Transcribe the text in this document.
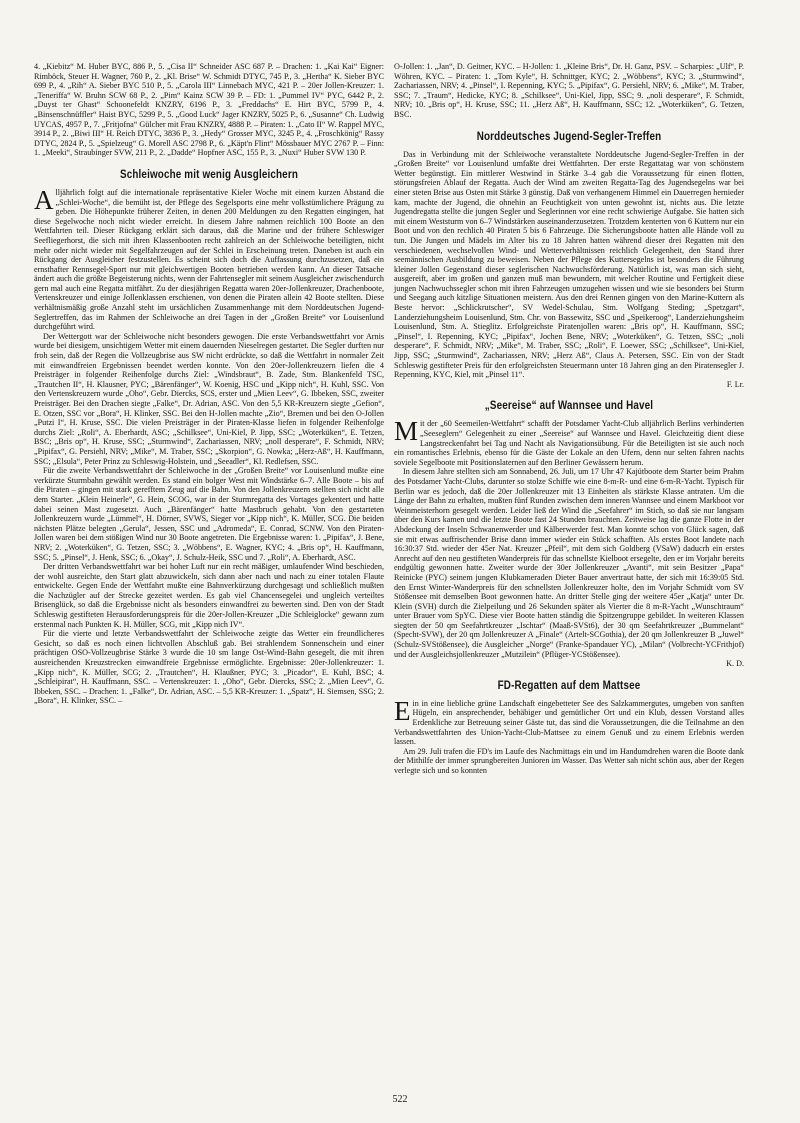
4. „Kiebitz“ M. Huber BYC, 886 P., 5. „Cisa II“ Schneider ASC 687 P. – Drachen: 1. „Kai Kai“ Eigner: Rimböck, Steuer H. Wagner, 760 P., 2. „Kl. Brise“ W. Schmidt DTYC, 745 P., 3. „Hertha“ K. Sieber BYC 699 P., 4. „Rih“ A. Sieber BYC 510 P., 5. „Carola III“ Linnebach MYC, 421 P. – 20er Jollen-Kreuzer: 1. „Teneriffa“ W. Bruhn SCW 68 P., 2. „Pim“ Kainz SCW 39 P. – FD: 1. „Pummel IV“ PYC, 6442 P., 2. „Duyst ter Ghast“ Schoonefeldt KNZRY, 6196 P., 3. „Freddachs“ E. Hirt BYC, 5799 P., 4. „Binsenschnüffler“ Haist BYC, 5299 P., 5. „Good Luck“ Jager KNZRY, 5025 P., 6. „Susanne“ Ch. Ludwig UYCAS, 4957 P., 7. „Fritjofna“ Gülcher mit Frau KNZRY, 4888 P. – Piraten: 1. „Cato II“ W. Rappel MYC, 3914 P., 2. „Biwi III“ H. Reich DTYC, 3836 P., 3. „Hedy“ Grosser MYC, 3245 P., 4. „Froschkönig“ Rassy DTYC, 2824 P., 5. „Spielzeug“ G. Morell ASC 2798 P., 6. „Käpt'n Flint“ Mössbauer MYC 2767 P. – Finn: 1. „Meeki“, Straubinger SVW, 211 P., 2. „Dadde“ Hopfner ASC, 155 P., 3. „Nuxi“ Huber SVW 130 P.

Schleiwoche mit wenig Ausgleichern

Alljährlich folgt auf die internationale repräsentative Kieler Woche mit einem kurzen Abstand die „Schlei-Woche“, die bemüht ist, der Pflege des Segelsports eine mehr volkstümlichere Prägung zu geben. Die Höhepunkte früherer Zeiten, in denen 200 Meldungen zu den Regatten eingingen, hat diese Segelwoche noch nicht wieder erreicht. In diesem Jahre nahmen reichlich 100 Boote an den Wettfahrten teil. Dieser Rückgang erklärt sich daraus, daß die Marine und der frühere Schleswiger Seefliegerhorst, die sich mit ihren Klassenbooten recht zahlreich an der Schleiwoche beteiligten, nicht mehr oder nicht wieder mit Segelfahrzeugen auf der Schlei in Erscheinung treten. Daneben ist auch ein Rückgang der Ausgleicher festzustellen. Es scheint sich doch die Auffassung durchzusetzen, daß ein ernsthafter Rennsegel-Sport nur mit gleichwertigen Booten betrieben werden kann. An dieser Tatsache ändert auch die größte Begeisterung nichts, wenn der Fahrtensegler mit seinem Ausgleicher zwischendurch gern mal auch eine Regatta mitfährt. Zu der diesjährigen Regatta waren 20er-Jollenkreuzer, Drachenboote, Vertenskreuzer und einige Jollenklassen erschienen, von denen die Piraten allein 42 Boote stellten. Diese verhältnismäßig große Anzahl steht im ursächlichen Zusammenhange mit dem Norddeutschen Jugend-Seglertreffen, das im Rahmen der Schleiwoche an drei Tagen in der „Großen Breite“ vor Louisenlund durchgeführt wird.

Der Wettergott war der Schleiwoche nicht besonders gewogen. Die erste Verbandswettfahrt vor Arnis wurde bei diesigem, unsichtigem Wetter mit einem dauernden Nieselregen gestartet. Die Segler durften nur froh sein, daß der Regen die Vollzeugbrise aus SW nicht erdrückte, so daß die Wettfahrt in normaler Zeit mit einwandfreien Ergebnissen beendet werden konnte. Von den 20er-Jollenkreuzern liefen die 4 Preisträger in folgender Reihenfolge durchs Ziel: „Windsbraut“, B. Zade, Stm. Blankenfeld TSC, „Trautchen II“, H. Klausner, PYC; „Bärenfänger“, W. Koenig, HSC und „Kipp nich“, H. Kuhl, SSC. Von den Vertenskreuzern wurde „Oho“, Gebr. Diercks, SCS, erster und „Mien Leev“, G. Ibbeken, SSC, zweiter Preisträger. Bei den Drachen siegte „Falke“, Dr. Adrian, ASC. Von den 5,5 KR-Kreuzern siegte „Gefion“, E. Otzen, SSC vor „Bora“, H. Klinker, SSC. Bei den H-Jollen machte „Zio“, Bremen und bei den O-Jollen „Putzi I“, H. Kruse, SSC. Die vielen Preisträger in der Piraten-Klasse liefen in folgender Reihenfolge durchs Ziel: „Roli“, A. Eberhardt, ASC; „Schilksee“, Uni-Kiel, P. Jipp, SSC; „Woterküken“, E. Tetzen, BSC; „Bris op“, H. Kruse, SSC; „Sturmwind“, Zachariassen, NRV; „noll desperare“, F. Schmidt, NRV; „Pipifax“, G. Persiehl, NRV; „Mike“, M. Traber, SSC; „Skorpion“, G. Nowka; „Herz-Aß“, H. Kauffmann, SSC; „Elsula“, Peter Prinz zu Schleswig-Holstein, und „Seeadler“, Kl. Redlefsen, SSC.

Für die zweite Verbandswettfahrt der Schleiwoche in der „Großen Breite“ vor Louisenlund mußte eine verkürzte Sturmbahn gewählt werden. Es stand ein bolger West mit Windstärke 6–7. Alle Boote – bis auf die Piraten – gingen mit stark gerefftem Zeug auf die Bahn. Von den Jollenkreuzern stellten sich nicht alle dem Starter. „Klein Heinerle“, G. Hein, SCOG, war in der Sturmregatta des Vortages gekentert und hatte dabei seinen Mast zugesetzt. Auch „Bärenfänger“ hatte Mastbruch gehabt. Von den gestarteten Jollenkreuzern wurde „Lümmel“, H. Dörner, SVWS, Sieger vor „Kipp nich“, K. Müller, SCG. Die beiden nächsten Plätze belegten „Gerula“, Jessen, SSC und „Adromeda“, E. Conrad, SCNW. Von den Piraten-Jollen waren bei dem stößigen Wind nur 30 Boote angetreten. Die Ergebnisse waren: 1. „Pipifax“, J. Bene, NRV; 2. „Woterküken“, G. Tetzen, SSC; 3. „Wöbbens“, E. Wagner, KYC; 4. „Bris op“, H. Kauffmann, SSC; 5. „Pinsel“, J. Henk, SSC; 6. „Okay“, J. Schulz-Heik, SSC und 7. „Roli“, A. Eberhardt, ASC.

Der dritten Verbandswettfahrt war bei hoher Luft nur ein recht mäßiger, umlaufender Wind beschieden, der wohl ausreichte, den Start glatt abzuwickeln, sich dann aber nach und nach zu einer totalen Flaute entwickelte. Gegen Ende der Wettfahrt mußte eine Bahnverkürzung durchgesagt und schließlich mußten die Nachzügler auf der Strecke gezeitet werden. Es gab viel Chancensegelei und ungleich verteiltes Brisenglück, so daß die Ergebnisse nicht als besonders einwandfrei zu bewerten sind. Den von der Stadt Schleswig gestifteten Herausforderungspreis für die 20er-Jollen-Kreuzer „Die Schleiglocke“ gewann zum erstenmal nach Punkten K. H. Müller, SCG, mit „Kipp nich IV“.

Für die vierte und letzte Verbandswettfahrt der Schleiwoche zeigte das Wetter ein freundlicheres Gesicht, so daß es noch einen lichtvollen Abschluß gab. Bei strahlendem Sonnenschein und einer prächtigen OSO-Vollzeugbrise Stärke 3 wurde die 10 sm lange Ost-Wind-Bahn gesegelt, die mit ihren ausreichenden Kreuzstrecken einwandfreie Ergebnisse ermöglichte. Ergebnisse: 20er-Jollenkreuzer: 1. „Kipp nich“, K. Müller, SCG; 2. „Trautchen“, H. Klaußner, PYC; 3. „Picador“, E. Kuhl, BSC; 4. „Schleipirat“, H. Kauffmann, SSC. – Vertenskreuzer: 1. „Oho“, Gebr. Diercks, SSC; 2. „Mien Leev“, G. Ibbeken, SSC. – Drachen: 1. „Falke“, Dr. Adrian, ASC. – 5,5 KR-Kreuzer: 1. „Spatz“, H. Siemsen, SSG; 2. „Bora“, H. Klinker, SSC. –

O-Jollen: 1. „Jan“, D. Geitner, KYC. – H-Jollen: 1. „Kleine Bris“, Dr. H. Ganz, PSV. – Scharpies: „Ulf“, P. Wöhren, KYC. – Piraten: 1. „Tom Kyle“, H. Schnittger, KYC; 2. „Wöbbens“, KYC; 3. „Sturmwind“, Zachariassen, NRV; 4. „Pinsel“, I. Repenning, KYC; 5. „Pipifax“, G. Persiehl, NRV; 6. „Mike“, M. Traber, SSC; 7. „Traum“, Hedicke, KYC; 8. „Schilksee“, Uni-Kiel, Jipp, SSC; 9. „noli desperare“, F. Schmidt, NRV; 10. „Bris op“, H. Kruse, SSC; 11. „Herz Aß“, H. Kauffmann, SSC; 12. „Woterküken“, G. Tetzen, BSC.

Norddeutsches Jugend-Segler-Treffen

Das in Verbindung mit der Schleiwoche veranstaltete Norddeutsche Jugend-Segler-Treffen in der „Großen Breite“ vor Louisenlund umfaßte drei Wettfahrten. Der erste Regattatag war von schönstem Wetter begünstigt. Ein mittlerer Westwind in Stärke 3–4 gab die Voraussetzung für einen flotten, störungsfreien Ablauf der Regatta. Auch der Wind am zweiten Regatta-Tag des Jugendsegelns war bei einer steten Brise aus Osten mit Stärke 3 günstig. Daß von verhangenem Himmel ein Dauerregen hernieder kam, machte der Jugend, die ohnehin an Feuchtigkeit von unten gewohnt ist, nichts aus. Die letzte Jugendregatta stellte die jungen Segler und Seglerinnen vor eine recht schwierige Aufgabe. Sie hatten sich mit einem Weststurm von 6–7 Windstärken auseinanderzusetzen. Trotzdem kenterten von 6 Kuttern nur ein Boot und von den rechlich 40 Piraten 5 bis 6 Fahrzeuge. Die Sicherungsboote hatten alle Hände voll zu tun. Die Jungen und Mädels im Alter bis zu 18 Jahren hatten während dieser drei Regatten mit den verschiedenen, wechselvollen Wind- und Wetterverhältnissen reichlich Gelegenheit, den Stand ihrer seemännischen Ausbildung zu beweisen. Neben der Pflege des Kuttersegelns ist besonders die Führung kleiner Jollen Gegenstand dieser seglerischen Nachwuchsförderung. Natürlich ist, was man sich sieht, ausgereift, aber im großen und ganzen muß man bewundern, mit welcher Routine und Fertigkeit diese jungen Nachwuchssegler schon mit ihren Fahrzeugen umzugehen wissen und wie sie besonders bei Sturm und Seegang auch kitzlige Situationen meistern. Aus den drei Rennen gingen von den Marine-Kuttern als Beste hervor: „Schlickrutscher“, SV Wedel-Schulau, Stm. Wolfgang Steding; „Spetzgart“, Landerziehungsheim Louisenlund, Stm. Chr. von Bassewitz, SSC und „Speikeroog“, Landerziehungsheim Louisenlund, Stm. A. Stieglitz. Erfolgreichste Piratenjollen waren: „Bris op“, H. Kauffmann, SSC; „Pinsel“, I. Repenning, KYC; „Pipifax“, Jochen Bene, NRV; „Woterküken“, G. Tetzen, SSC; „noli desperare“, F. Schmidt, NRV; „Mike“, M. Traber, SSC; „Roli“, F. Loewer, SSC; „Schilksee“, Uni-Kiel, Jipp, SSC; „Sturmwind“, Zachariassen, NRV; „Herz Aß“, Claus A. Petersen, SSC. Ein von der Stadt Schleswig gestifteter Preis für den erfolgreichsten Steuermann unter 18 Jahren ging an den Piratensegler J. Repenning, KYC, Kiel, mit „Pinsel 11“.

F. Lr.
„Seereise“ auf Wannsee und Havel

Mit der „60 Seemeilen-Wettfahrt“ schafft der Potsdamer Yacht-Club alljährlich Berlins verhinderten „Seeseglern“ Gelegenheit zu einer „Seereise“ auf Wannsee und Havel. Gleichzeitig dient diese Langstreckenfahrt bei Tag und Nacht als Navigationsübung. Für die Beteiligten ist sie auch noch ein romantisches Erlebnis, ebenso für die Gäste der Lokale an den Ufern, denn nur selten fahren nachts soviele Segelboote mit Positionslaternen auf den Berliner Gewässern herum.

In diesem Jahre stellten sich am Sonnabend, 26. Juli, um 17 Uhr 47 Kajütboote dem Starter beim Prahm des Potsdamer Yacht-Clubs, darunter so stolze Schiffe wie eine 8-m-R- und eine 6-m-R-Yacht. Typisch für Berlin war es jedoch, daß die 20er Jollenkreuzer mit 13 Einheiten als stärkste Klasse antraten. Um die Länge der Bahn zu erhalten, mußten fünf Runden zwischen dem inneren Wannsee und einem Markboot vor Weinmeisterhorn gesegelt werden. Leider ließ der Wind die „Seefahrer“ im Stich, so daß sie nur langsam über den Kurs kamen und die letzte Boote fast 24 Stunden brauchten. Zeitweise lag die ganze Flotte in der Abdeckung der Inseln Schwanenwerder und Kälberwerder fest. Man konnte schon von Glück sagen, daß sie mit etwas auffrischender Brise dann immer wieder ein Stück schafften. Als erstes Boot landete nach 16:30:37 Std. wieder der 45er Nat. Kreuzer „Pfeil“, mit dem sich Goldberg (VSaW) daducrh ein erstes Anrecht auf den neu gestifteten Wanderpreis für das schnellste Kielboot ersegelte, den er im Vorjahr bereits endgültig gewonnen hatte. Zweiter wurde der 30er Jollenkreuzer „Avanti“, mit sein Besitzer „Papa“ Reinicke (PYC) seinem jungen Klubkameraden Dieter Bauer anvertraut hatte, der sich mit 16:39:05 Std. den Ernst Winter-Wanderpreis für den schnellsten Jollenkreuzer holte, den im Vorjahr Schmidt vom SV Stößensee mit demselben Boot gewonnen hatte. An dritter Stelle ging der weitere 45er „Katja“ unter Dr. Klein (SVH) durch die Zielpeilung und 26 Sekunden später als Vierter die 8 m-R-Yacht „Wunschtraum“ unter Brauer vom SpYC. Diese vier Boote hatten ständig die Spitzengruppe gebildet. In weiteren Klassen siegten der 50 qm Seefahrtkreuzer „Ischtar“ (Maaß-SVSt6), der 30 qm Seefahrtkreuzer „Bummelant“ (Specht-SVW), der 20 qm Jollenkreuzer A „Finale“ (Artelt-SCGothia), der 20 qm Jollenkreuzer B „Juwel“ (Schulz-SVStößensee), die Ausgleicher „Norge“ (Franke-Spandauer YC), „Milan“ (Volbrecht-YCFrithjof) und der Ausgleichsjollenkreuzer „Mutzilein“ (Pflüger-YCStößensee).

K. D.
FD-Regatten auf dem Mattsee

Ein in eine liebliche grüne Landschaft eingebetteter See des Salzkammergutes, umgeben von sanften Hügeln, ein ansprechender, behäbiger und gemütlicher Ort und ein Klub, dessen Vorstand alles Erdenkliche zur Betreuung seiner Gäste tut, das sind die Voraussetzungen, die die Teilnahme an den Verbandswettfahrten des Union-Yacht-Club-Mattsee zu einem Genuß und zu einem Erlebnis werden lassen.

Am 29. Juli trafen die FD's im Laufe des Nachmittags ein und im Handumdrehen waren die Boote dank der Mithilfe der immer sprungbereiten Junioren im Wasser. Das Wetter sah nicht schön aus, aber der Regen verlegte sich und so konnten

522
